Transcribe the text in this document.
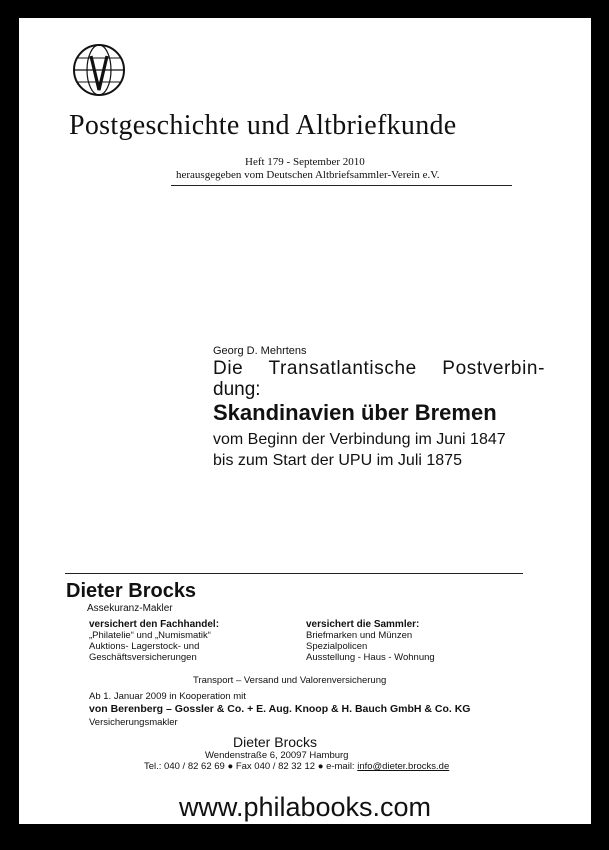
Postgeschichte und Altbriefkunde
Heft 179 - September 2010
herausgegeben vom Deutschen Altbriefsammler-Verein e.V.
Georg D. Mehrtens
Die Transatlantische Postverbin-
dung:
Skandinavien über Bremen
vom Beginn der Verbindung im Juni 1847
bis zum Start der UPU im Juli 1875
Dieter Brocks
Assekuranz-Makler
versichert den Fachhandel:
„Philatelie“ und „Numismatik“
Auktions- Lagerstock- und
Geschäftsversicherungen
versichert die Sammler:
Briefmarken und Münzen
Spezialpolicen
Ausstellung - Haus - Wohnung
Transport – Versand und Valorenversicherung
Ab 1. Januar 2009 in Kooperation mit
von Berenberg – Gossler & Co. + E. Aug. Knoop & H. Bauch GmbH & Co. KG
Versicherungsmakler
Dieter Brocks
Wendenstraße 6, 20097 Hamburg
Tel.: 040 / 82 62 69 ● Fax 040 / 82 32 12 ● e-mail: info@dieter.brocks.de
www.philabooks.com
